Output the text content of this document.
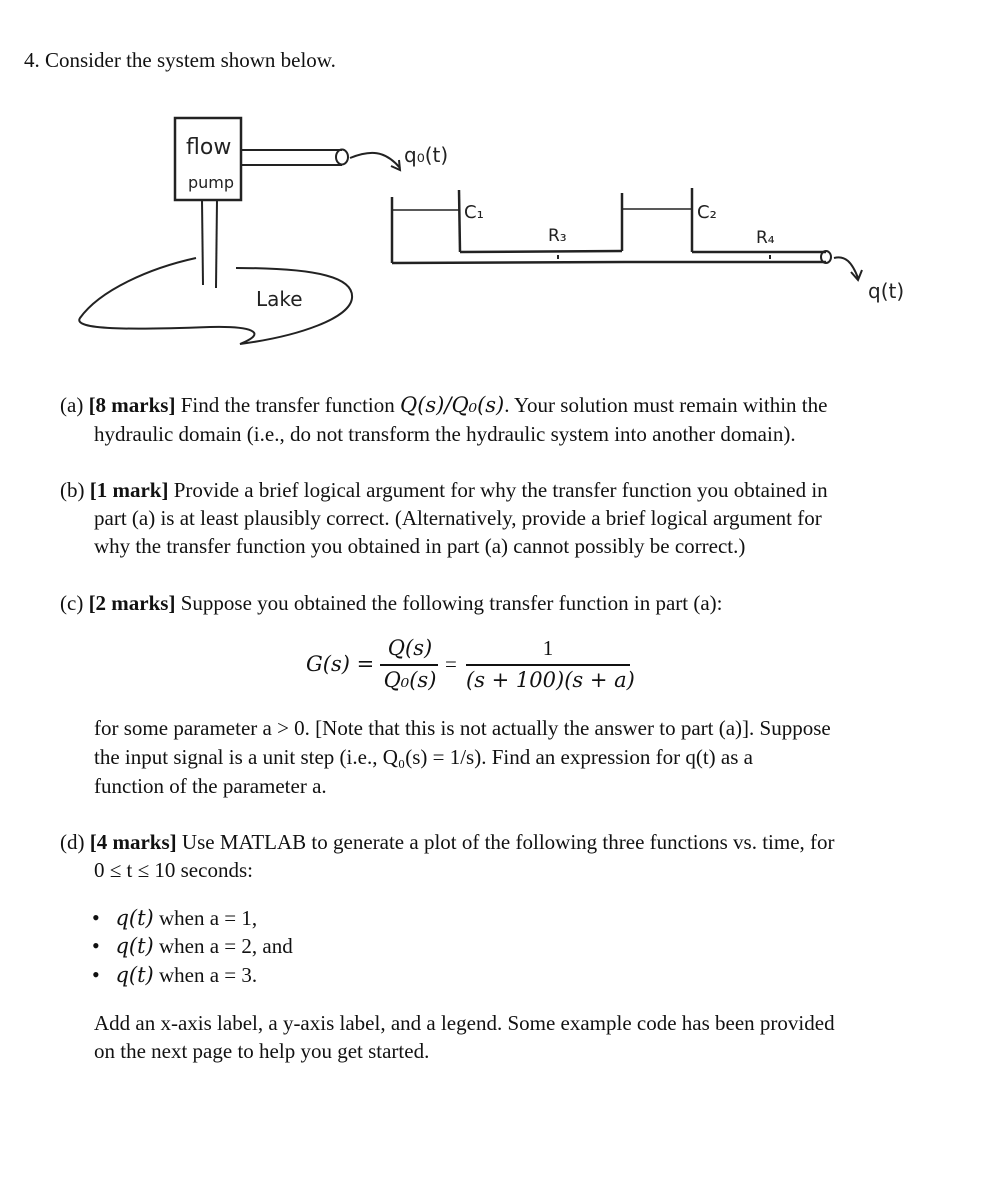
4. Consider the system shown below.
flow
pump
q₀(t)
C₁
R₃
C₂
R₄
q(t)
Lake
(a) [8 marks] Find the transfer function Q(s)/Q₀(s). Your solution must remain within the
hydraulic domain (i.e., do not transform the hydraulic system into another domain).
(b) [1 mark] Provide a brief logical argument for why the transfer function you obtained in
part (a) is at least plausibly correct. (Alternatively, provide a brief logical argument for
why the transfer function you obtained in part (a) cannot possibly be correct.)
(c) [2 marks] Suppose you obtained the following transfer function in part (a):
G(s) =
Q(s)
Q₀(s)
=
1
(s + 100)(s + a)
for some parameter a > 0. [Note that this is not actually the answer to part (a)]. Suppose
the input signal is a unit step (i.e., Q₀(s) = 1/s). Find an expression for q(t) as a
function of the parameter a.
(d) [4 marks] Use MATLAB to generate a plot of the following three functions vs. time, for
0 ≤ t ≤ 10 seconds:
• q(t) when a = 1,
• q(t) when a = 2, and
• q(t) when a = 3.
Add an x-axis label, a y-axis label, and a legend. Some example code has been provided
on the next page to help you get started.
